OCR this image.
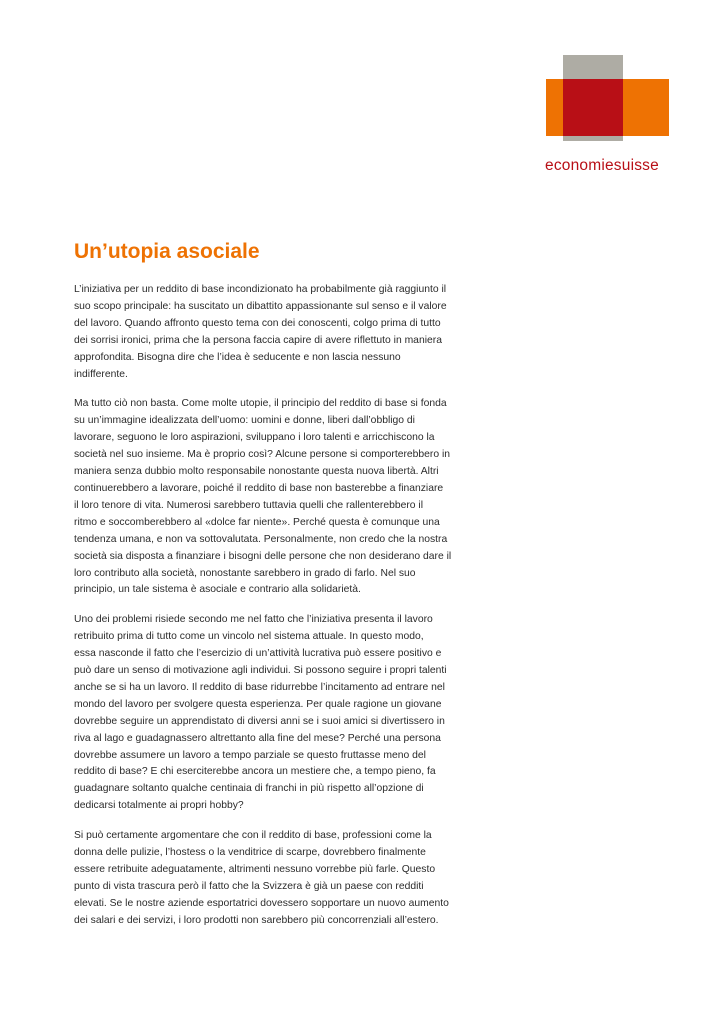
economiesuisse
Un’utopia asociale

L’iniziativa per un reddito di base incondizionato ha probabilmente già raggiunto il
suo scopo principale: ha suscitato un dibattito appassionante sul senso e il valore
del lavoro. Quando affronto questo tema con dei conoscenti, colgo prima di tutto
dei sorrisi ironici, prima che la persona faccia capire di avere riflettuto in maniera
approfondita. Bisogna dire che l’idea è seducente e non lascia nessuno
indifferente.

Ma tutto ciò non basta. Come molte utopie, il principio del reddito di base si fonda
su un’immagine idealizzata dell’uomo: uomini e donne, liberi dall’obbligo di
lavorare, seguono le loro aspirazioni, sviluppano i loro talenti e arricchiscono la
società nel suo insieme. Ma è proprio così? Alcune persone si comporterebbero in
maniera senza dubbio molto responsabile nonostante questa nuova libertà. Altri
continuerebbero a lavorare, poiché il reddito di base non basterebbe a finanziare
il loro tenore di vita. Numerosi sarebbero tuttavia quelli che rallenterebbero il
ritmo e soccomberebbero al «dolce far niente». Perché questa è comunque una
tendenza umana, e non va sottovalutata. Personalmente, non credo che la nostra
società sia disposta a finanziare i bisogni delle persone che non desiderano dare il
loro contributo alla società, nonostante sarebbero in grado di farlo. Nel suo
principio, un tale sistema è asociale e contrario alla solidarietà.

Uno dei problemi risiede secondo me nel fatto che l’iniziativa presenta il lavoro
retribuito prima di tutto come un vincolo nel sistema attuale. In questo modo,
essa nasconde il fatto che l’esercizio di un’attività lucrativa può essere positivo e
può dare un senso di motivazione agli individui. Si possono seguire i propri talenti
anche se si ha un lavoro. Il reddito di base ridurrebbe l’incitamento ad entrare nel
mondo del lavoro per svolgere questa esperienza. Per quale ragione un giovane
dovrebbe seguire un apprendistato di diversi anni se i suoi amici si divertissero in
riva al lago e guadagnassero altrettanto alla fine del mese? Perché una persona
dovrebbe assumere un lavoro a tempo parziale se questo fruttasse meno del
reddito di base? E chi eserciterebbe ancora un mestiere che, a tempo pieno, fa
guadagnare soltanto qualche centinaia di franchi in più rispetto all’opzione di
dedicarsi totalmente ai propri hobby?

Si può certamente argomentare che con il reddito di base, professioni come la
donna delle pulizie, l’hostess o la venditrice di scarpe, dovrebbero finalmente
essere retribuite adeguatamente, altrimenti nessuno vorrebbe più farle. Questo
punto di vista trascura però il fatto che la Svizzera è già un paese con redditi
elevati. Se le nostre aziende esportatrici dovessero sopportare un nuovo aumento
dei salari e dei servizi, i loro prodotti non sarebbero più concorrenziali all’estero.
